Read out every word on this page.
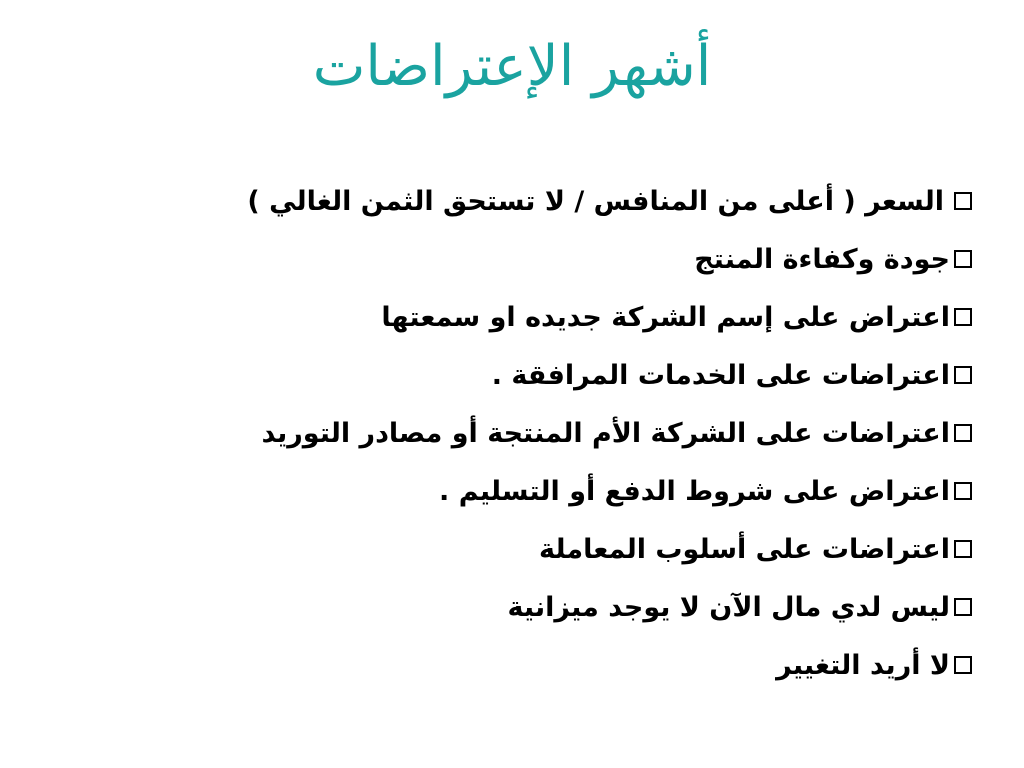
أشهر الإعتراضات
السعر ( أعلى من المنافس / لا تستحق الثمن الغالي )
جودة وكفاءة المنتج
اعتراض على إسم الشركة جديده او سمعتها
اعتراضات على الخدمات المرافقة .
اعتراضات على الشركة الأم المنتجة أو مصادر التوريد
اعتراض على شروط الدفع أو التسليم .
اعتراضات على أسلوب المعاملة
ليس لدي مال الآن لا يوجد ميزانية
لا أريد التغيير
